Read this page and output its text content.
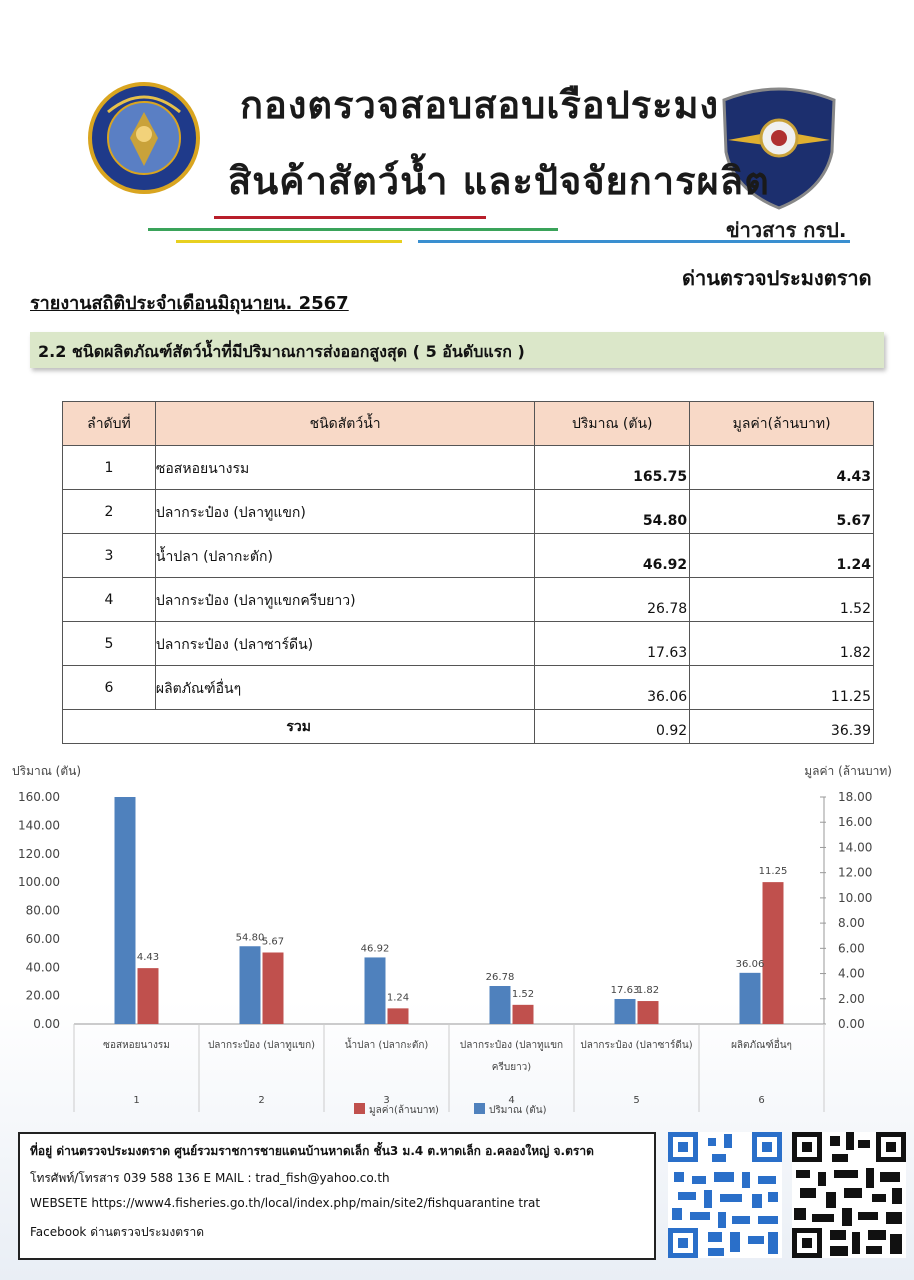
กองตรวจสอบสอบเรือประมง
สินค้าสัตว์น้ำ และปัจจัยการผลิต
ข่าวสาร กรป.
ด่านตรวจประมงตราด
รายงานสถิติประจำเดือนมิถุนายน. 2567
2.2 ชนิดผลิตภัณฑ์สัตว์น้ำที่มีปริมาณการส่งออกสูงสุด ( 5 อันดับแรก )
ลำดับที่	ชนิดสัตว์น้ำ	ปริมาณ (ตัน)	มูลค่า(ล้านบาท)
1	ซอสหอยนางรม	165.75	4.43
2	ปลากระป๋อง (ปลาทูแขก)	54.80	5.67
3	น้ำปลา (ปลากะตัก)	46.92	1.24
4	ปลากระป๋อง (ปลาทูแขกครีบยาว)	26.78	1.52
5	ปลากระป๋อง (ปลาซาร์ดีน)	17.63	1.82
6	ผลิตภัณฑ์อื่นๆ	36.06	11.25
รวม		0.92	36.39
ปริมาณ (ตัน)	มูลค่า (ล้านบาท)
0.00
20.00
40.00
60.00
80.00
100.00
120.00
140.00
160.00
0.00
2.00
4.00
6.00
8.00
10.00
12.00
14.00
16.00
18.00
4.43
ซอสหอยนางรม
1
54.80
5.67
ปลากระป๋อง (ปลาทูแขก)
2
46.92
1.24
น้ำปลา (ปลากะตัก)
3
26.78
1.52
ปลากระป๋อง (ปลาทูแขก
ครีบยาว)
4
17.63
1.82
ปลากระป๋อง (ปลาซาร์ดีน)
5
36.06
11.25
ผลิตภัณฑ์อื่นๆ
6
มูลค่า(ล้านบาท)	ปริมาณ (ตัน)
ที่อยู่ ด่านตรวจประมงตราด ศูนย์รวมราชการชายแดนบ้านหาดเล็ก ชั้น3 ม.4 ต.หาดเล็ก อ.คลองใหญ่ จ.ตราด
โทรศัพท์/โทรสาร 039 588 136 E MAIL : trad_fish@yahoo.co.th
WEBSETE https://www4.fisheries.go.th/local/index.php/main/site2/fishquarantine trat
Facebook ด่านตรวจประมงตราด
